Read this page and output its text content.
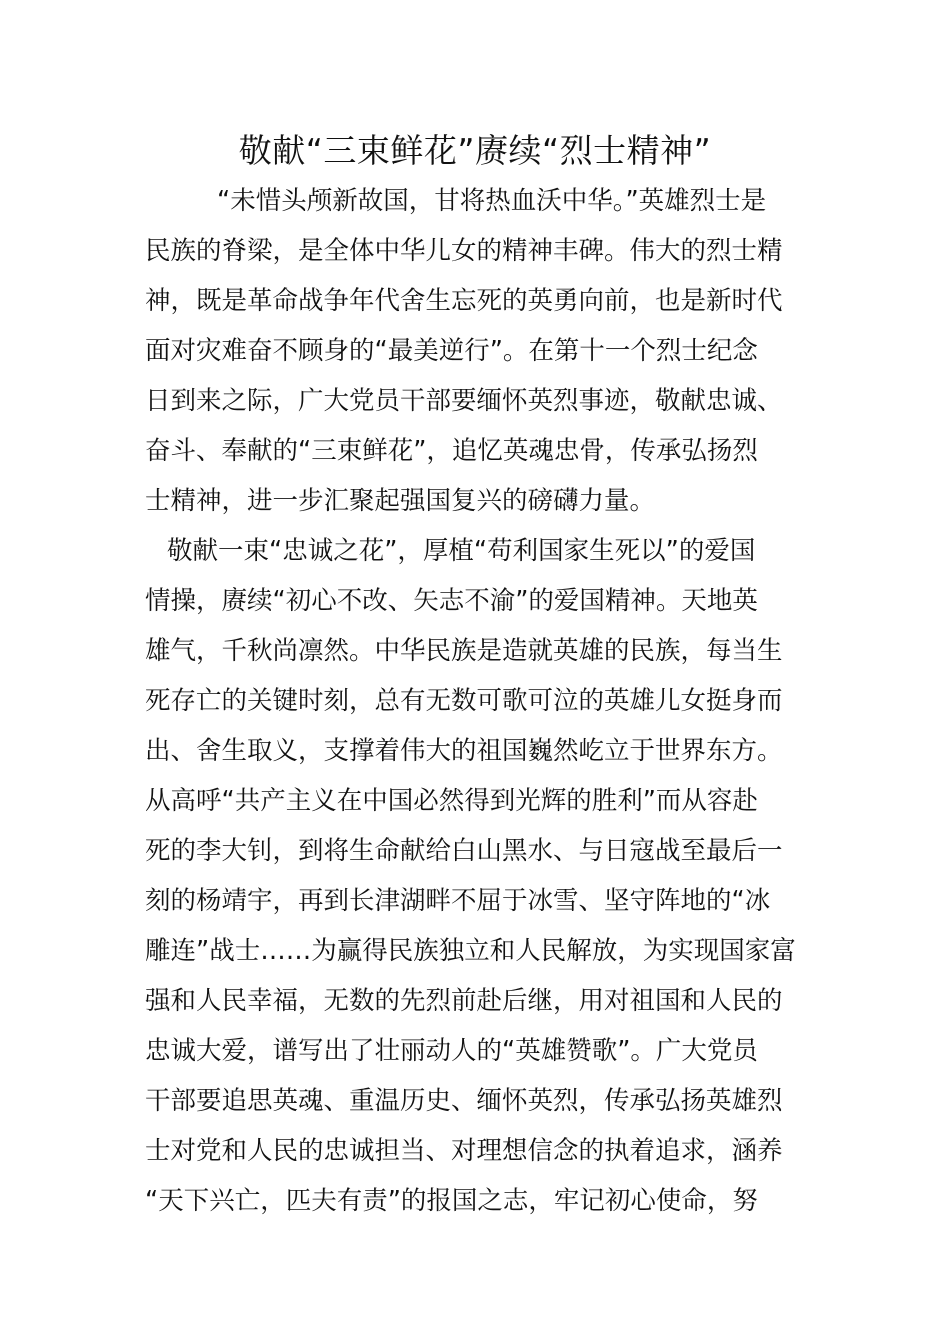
敬献“三束鲜花”赓续“烈士精神”

“未惜头颅新故国，甘将热血沃中华。”英雄烈士是

民族的脊梁，是全体中华儿女的精神丰碑。伟大的烈士精

神，既是革命战争年代舍生忘死的英勇向前，也是新时代

面对灾难奋不顾身的“最美逆行”。在第十一个烈士纪念

日到来之际，广大党员干部要缅怀英烈事迹，敬献忠诚、

奋斗、奉献的“三束鲜花”，追忆英魂忠骨，传承弘扬烈

士精神，进一步汇聚起强国复兴的磅礴力量。

敬献一束“忠诚之花”，厚植“苟利国家生死以”的爱国

情操，赓续“初心不改、矢志不渝”的爱国精神。天地英

雄气，千秋尚凛然。中华民族是造就英雄的民族，每当生

死存亡的关键时刻，总有无数可歌可泣的英雄儿女挺身而

出、舍生取义，支撑着伟大的祖国巍然屹立于世界东方。

从高呼“共产主义在中国必然得到光辉的胜利”而从容赴

死的李大钊，到将生命献给白山黑水、与日寇战至最后一

刻的杨靖宇，再到长津湖畔不屈于冰雪、坚守阵地的“冰

雕连”战士……为赢得民族独立和人民解放，为实现国家富

强和人民幸福，无数的先烈前赴后继，用对祖国和人民的

忠诚大爱，谱写出了壮丽动人的“英雄赞歌”。广大党员

干部要追思英魂、重温历史、缅怀英烈，传承弘扬英雄烈

士对党和人民的忠诚担当、对理想信念的执着追求，涵养

“天下兴亡，匹夫有责”的报国之志，牢记初心使命，努
